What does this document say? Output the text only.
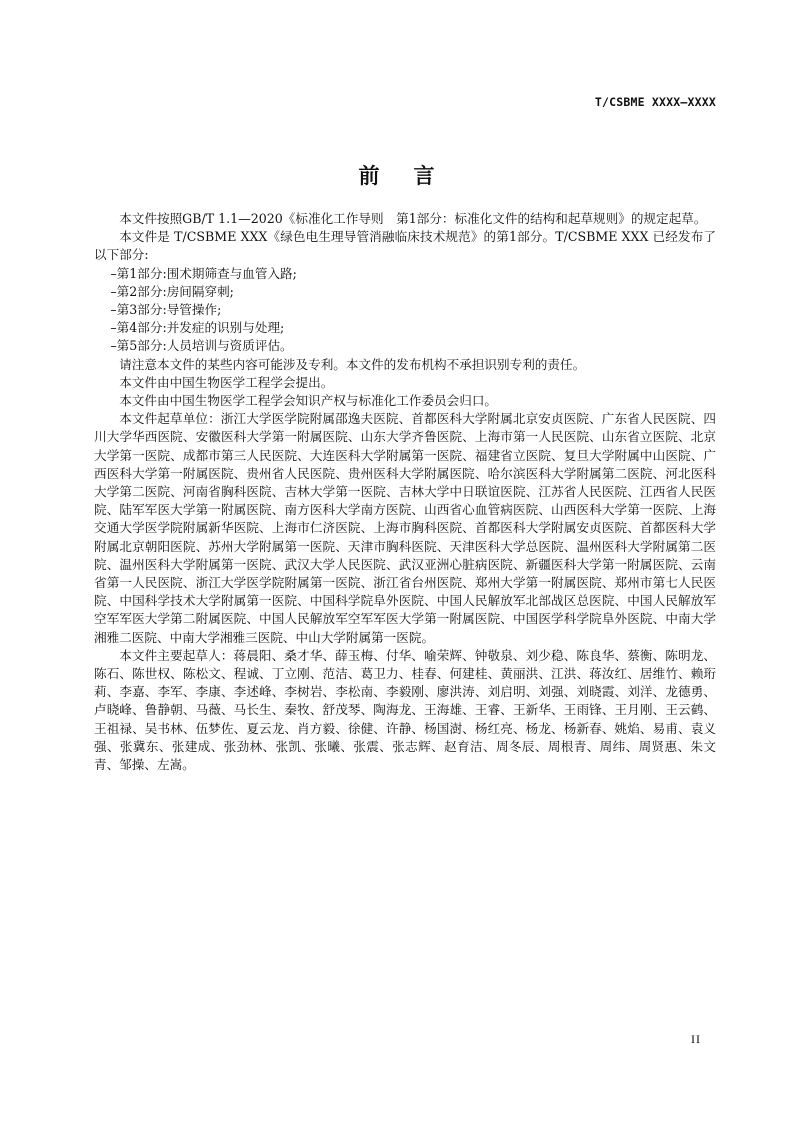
T/CSBME XXXX—XXXX
前言

本文件按照GB/T 1.1—2020《标准化工作导则　第1部分：标准化文件的结构和起草规则》的规定起草。

本文件是 T/CSBME XXX《绿色电生理导管消融临床技术规范》的第1部分。T/CSBME XXX 已经发布了以下部分:

–第1部分:围术期筛查与血管入路;

–第2部分:房间隔穿刺;

–第3部分:导管操作;

–第4部分:并发症的识别与处理;

–第5部分:人员培训与资质评估。

请注意本文件的某些内容可能涉及专利。本文件的发布机构不承担识别专利的责任。

本文件由中国生物医学工程学会提出。

本文件由中国生物医学工程学会知识产权与标准化工作委员会归口。

本文件起草单位：浙江大学医学院附属邵逸夫医院、首都医科大学附属北京安贞医院、广东省人民医院、四川大学华西医院、安徽医科大学第一附属医院、山东大学齐鲁医院、上海市第一人民医院、山东省立医院、北京大学第一医院、成都市第三人民医院、大连医科大学附属第一医院、福建省立医院、复旦大学附属中山医院、广西医科大学第一附属医院、贵州省人民医院、贵州医科大学附属医院、哈尔滨医科大学附属第二医院、河北医科大学第二医院、河南省胸科医院、吉林大学第一医院、吉林大学中日联谊医院、江苏省人民医院、江西省人民医院、陆军军医大学第一附属医院、南方医科大学南方医院、山西省心血管病医院、山西医科大学第一医院、上海交通大学医学院附属新华医院、上海市仁济医院、上海市胸科医院、首都医科大学附属安贞医院、首都医科大学附属北京朝阳医院、苏州大学附属第一医院、天津市胸科医院、天津医科大学总医院、温州医科大学附属第二医院、温州医科大学附属第一医院、武汉大学人民医院、武汉亚洲心脏病医院、新疆医科大学第一附属医院、云南省第一人民医院、浙江大学医学院附属第一医院、浙江省台州医院、郑州大学第一附属医院、郑州市第七人民医院、中国科学技术大学附属第一医院、中国科学院阜外医院、中国人民解放军北部战区总医院、中国人民解放军空军军医大学第二附属医院、中国人民解放军空军军医大学第一附属医院、中国医学科学院阜外医院、中南大学湘雅二医院、中南大学湘雅三医院、中山大学附属第一医院。

本文件主要起草人：蒋晨阳、桑才华、薛玉梅、付华、喻荣辉、钟敬泉、刘少稳、陈良华、蔡衡、陈明龙、陈石、陈世权、陈松文、程诚、丁立刚、范洁、葛卫力、桂春、何建桂、黄丽洪、江洪、蒋汝红、居维竹、赖珩莉、李嘉、李军、李康、李述峰、李树岩、李松南、李毅刚、廖洪涛、刘启明、刘强、刘晓霞、刘洋、龙德勇、卢晓峰、鲁静朝、马薇、马长生、秦牧、舒茂琴、陶海龙、王海雄、王睿、王新华、王雨锋、王月刚、王云鹤、王祖禄、吴书林、伍梦佐、夏云龙、肖方毅、徐健、许静、杨国澍、杨红亮、杨龙、杨新春、姚焰、易甫、袁义强、张冀东、张建成、张劲林、张凯、张曦、张震、张志辉、赵育洁、周冬辰、周根青、周纬、周贤惠、朱文青、邹操、左嵩。

II
